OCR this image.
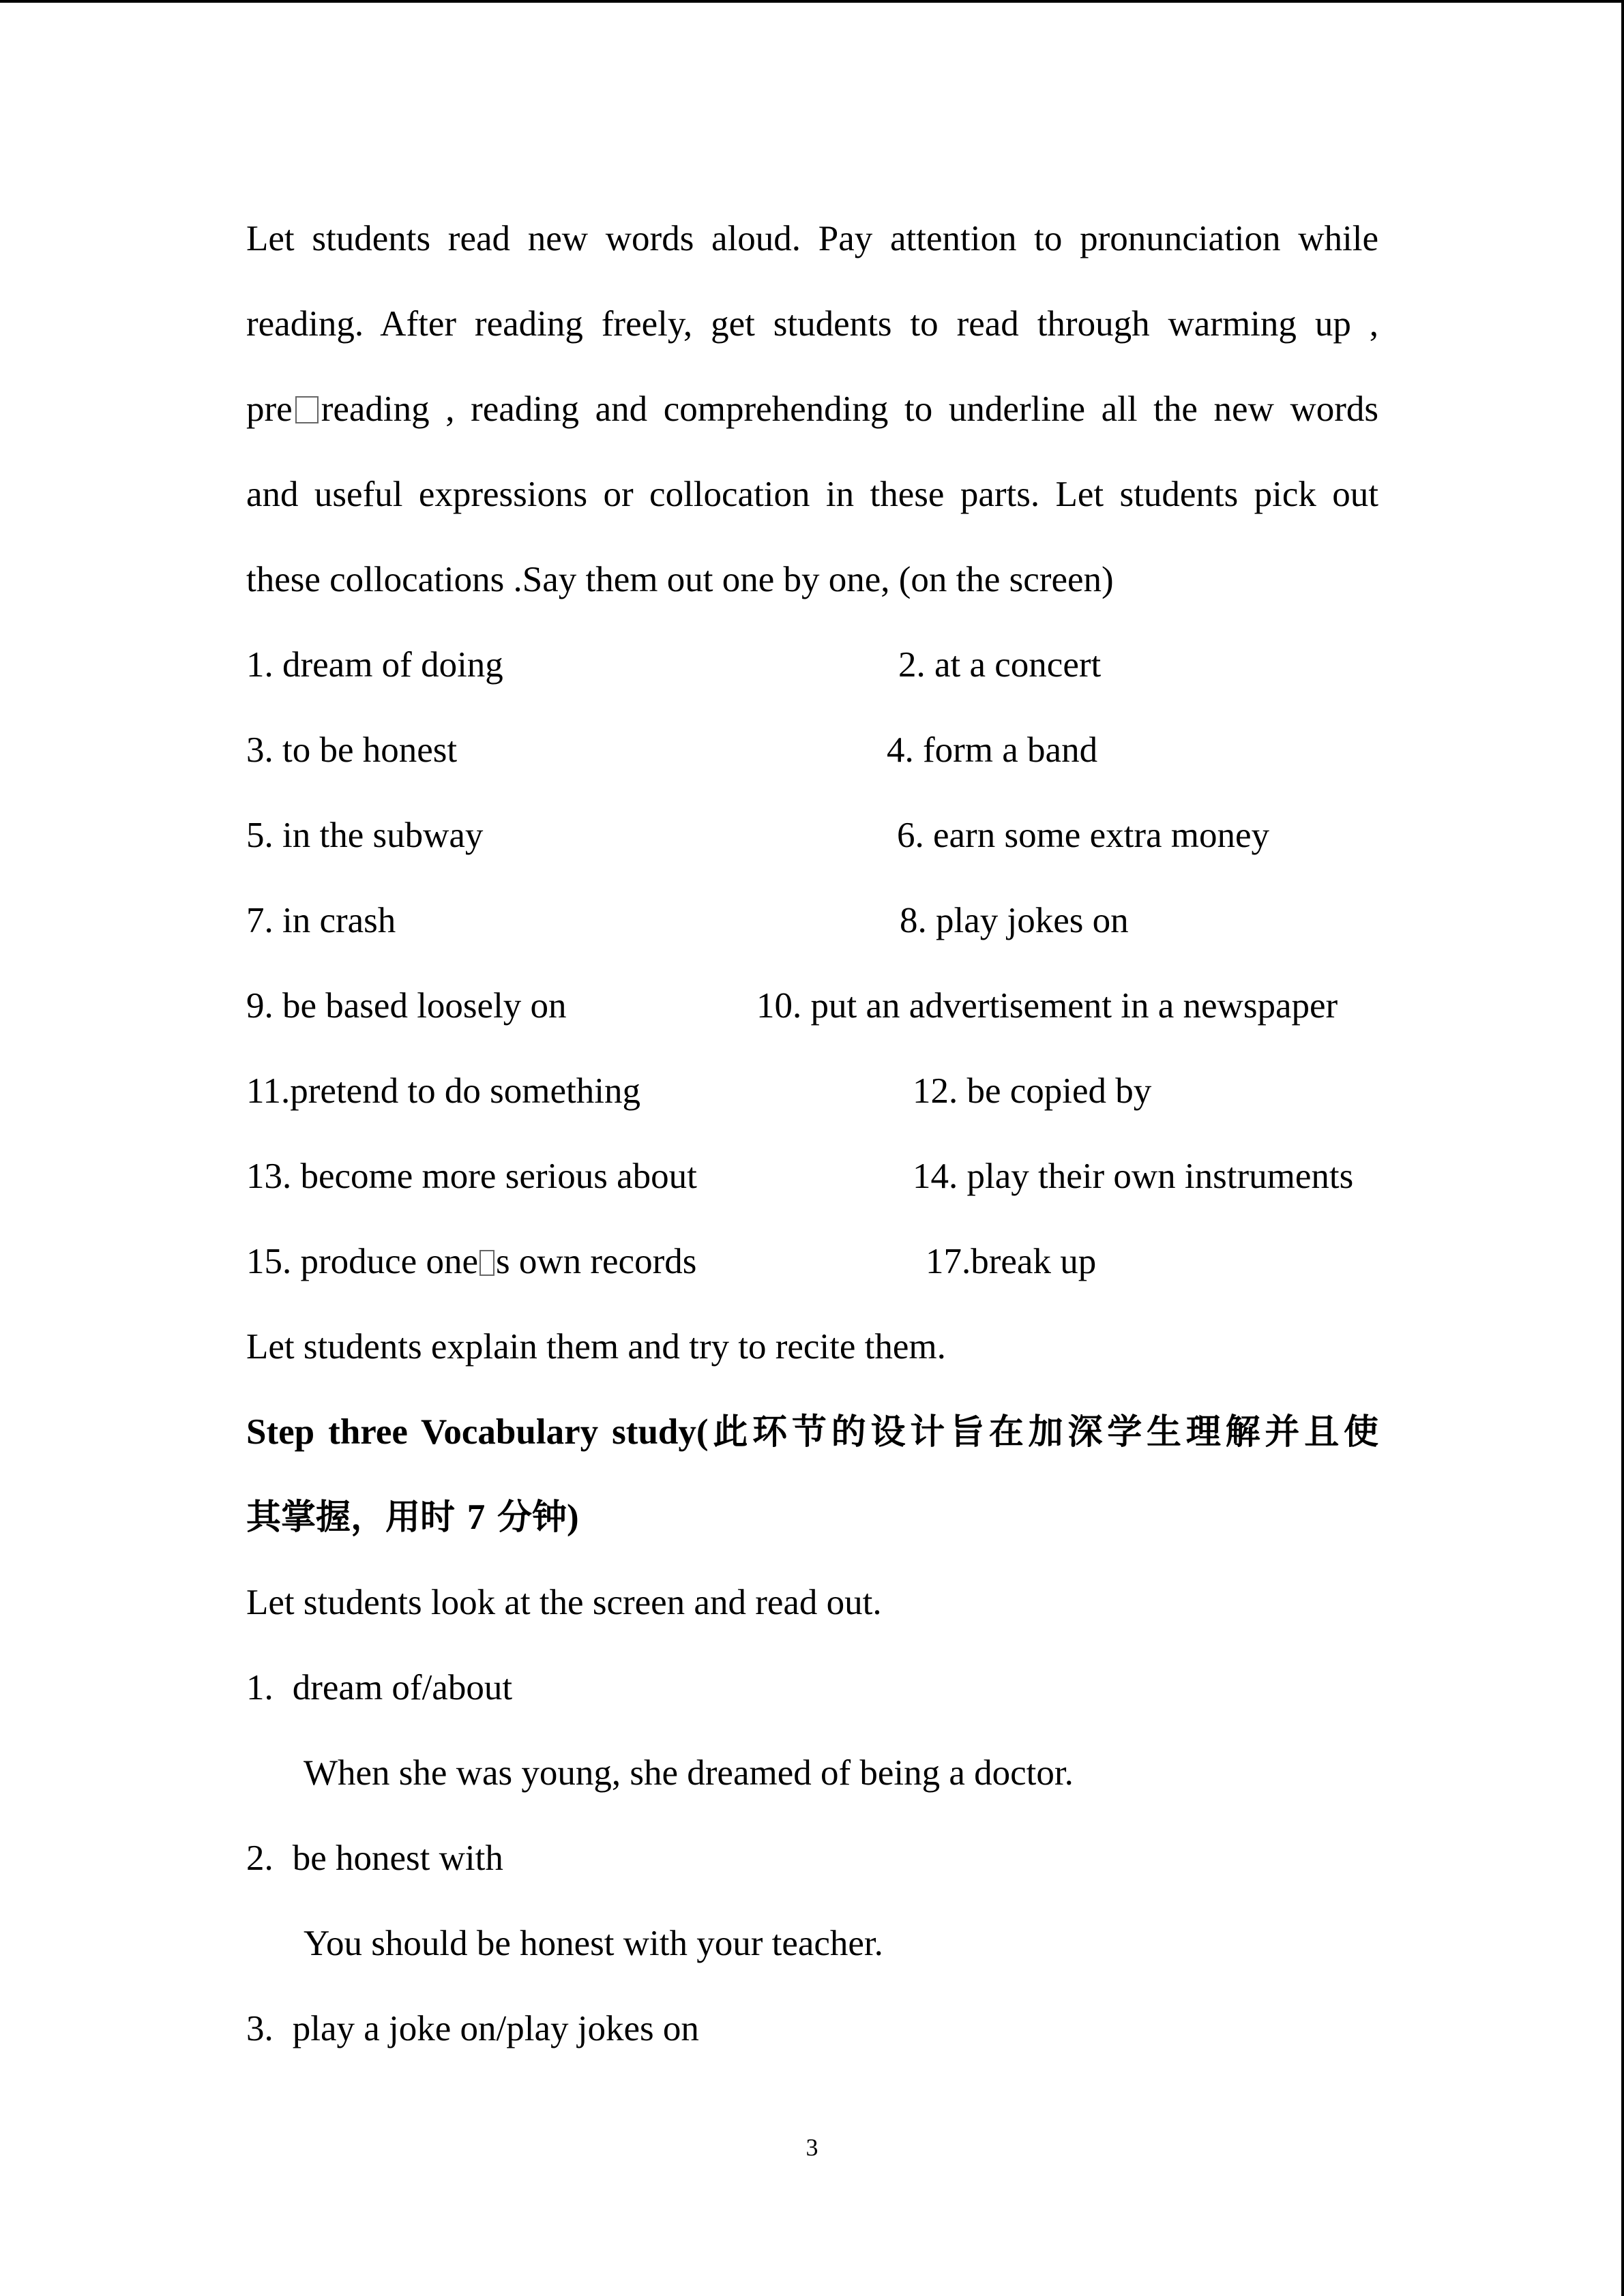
Let students read new words aloud. Pay attention to pronunciation while
reading. After reading freely, get students to read through warming up ,
pre reading , reading and comprehending to underline all the new words
and useful expressions or collocation in these parts. Let students pick out
these collocations .Say them out one by one, (on the screen)
1. dream of doing	2. at a concert
3. to be honest	4. form a band
5. in the subway	6. earn some extra money
7. in crash	8. play jokes on
9. be based loosely on	10. put an advertisement in a newspaper
11.pretend to do something	12. be copied by
13. become more serious about	14. play their own instruments
15. produce one s own records	17.break up
Let students explain them and try to recite them.
Step three Vocabulary study(此环节的设计旨在加深学生理解并且使
其掌握，用时 7 分钟)
Let students look at the screen and read out.
1. dream of/about
When she was young, she dreamed of being a doctor.
2. be honest with
You should be honest with your teacher.
3. play a joke on/play jokes on
3
